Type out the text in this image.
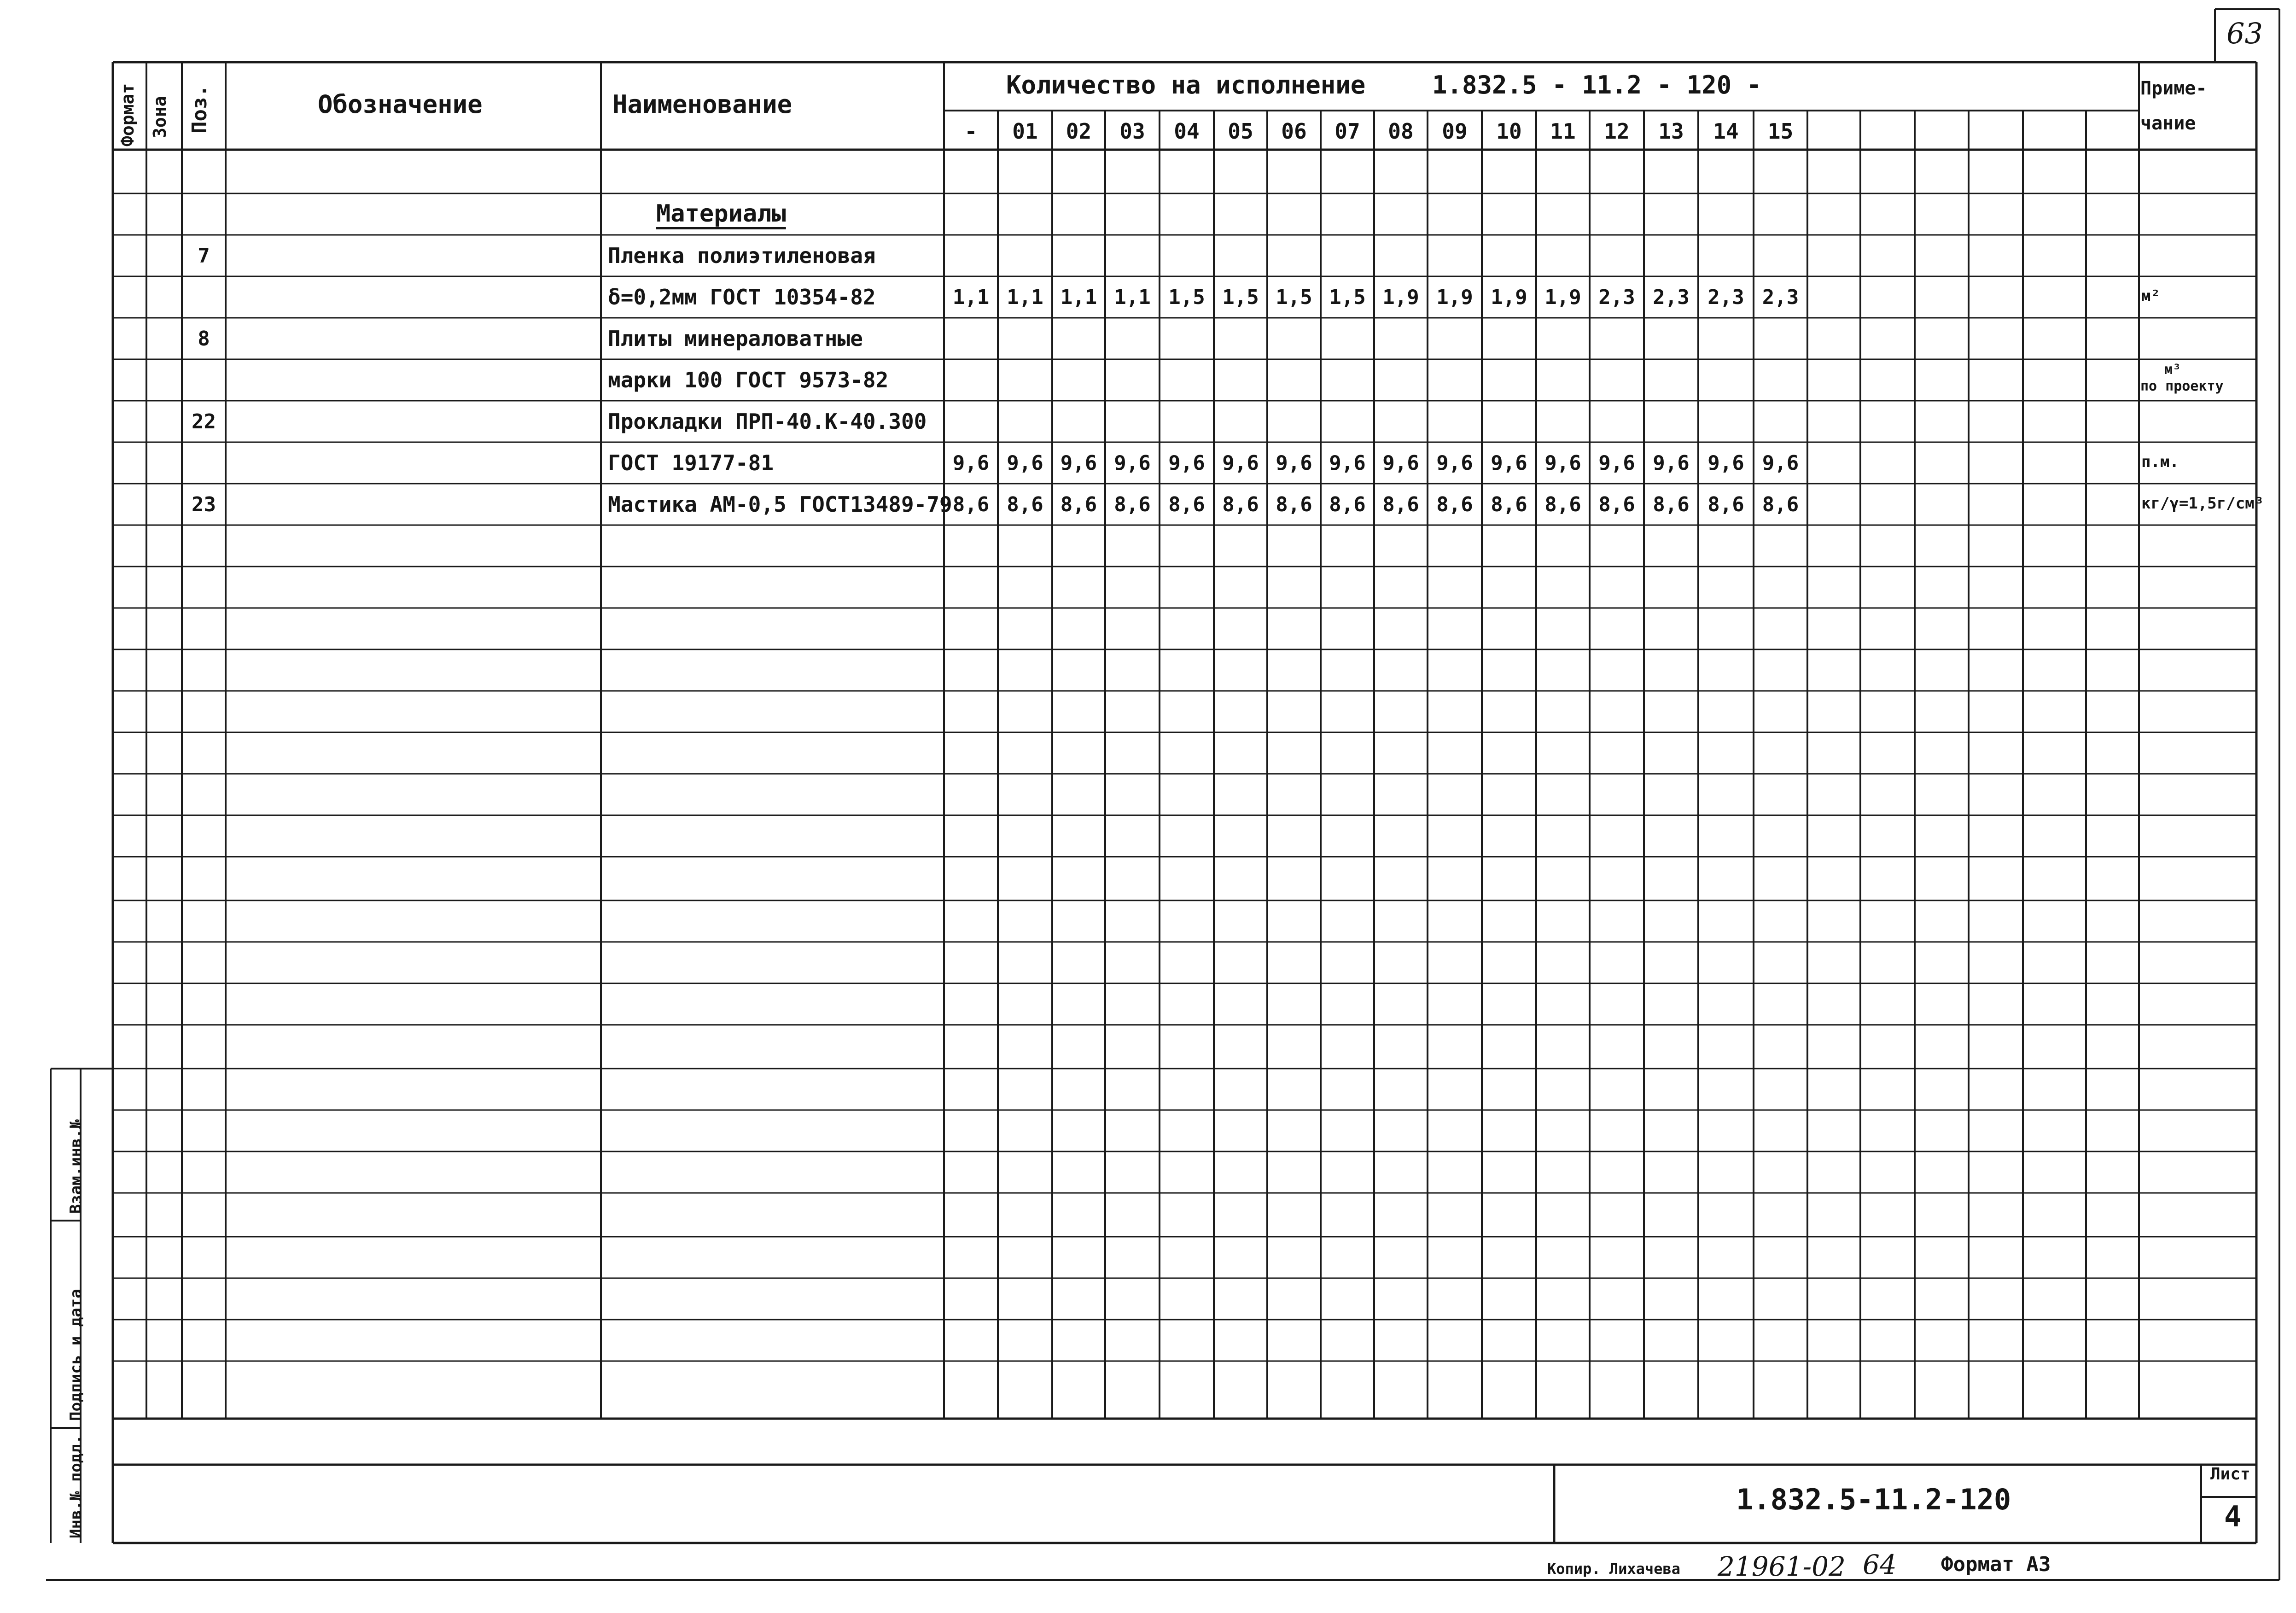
63
Формат Зона Поз.	Обозначение	Наименование
Количество на исполнение	1.832.5 - 11.2 - 120 -	Приме-
чание
-	01	02	03	04	05	06	07	08	09	10	11	12	13	14	15
Материалы
7	Пленка полиэтиленовая
δ=0,2мм ГОСТ 10354-82	1,1 1,1 1,1 1,1 1,5 1,5 1,5 1,5 1,9 1,9 1,9 1,9 2,3 2,3 2,3 2,3	м²
8	Плиты минераловатные
марки 100 ГОСТ 9573-82	м³
по проекту
22	Прокладки ПРП-40.К-40.300
ГОСТ 19177-81	9,6 9,6 9,6 9,6 9,6 9,6 9,6 9,6 9,6 9,6 9,6 9,6 9,6 9,6 9,6 9,6	п.м.
23	Мастика АМ-0,5 ГОСТ13489-79 8,6 8,6 8,6 8,6 8,6 8,6 8,6 8,6 8,6 8,6 8,6 8,6 8,6 8,6 8,6 8,6	кг/γ=1,5г/см³
Инв.№ подл.
Подпись и дата
Взам.инв.№
1.832.5-11.2-120
Лист
4
Копир. Лихачева 21961-02 64 Формат А3
